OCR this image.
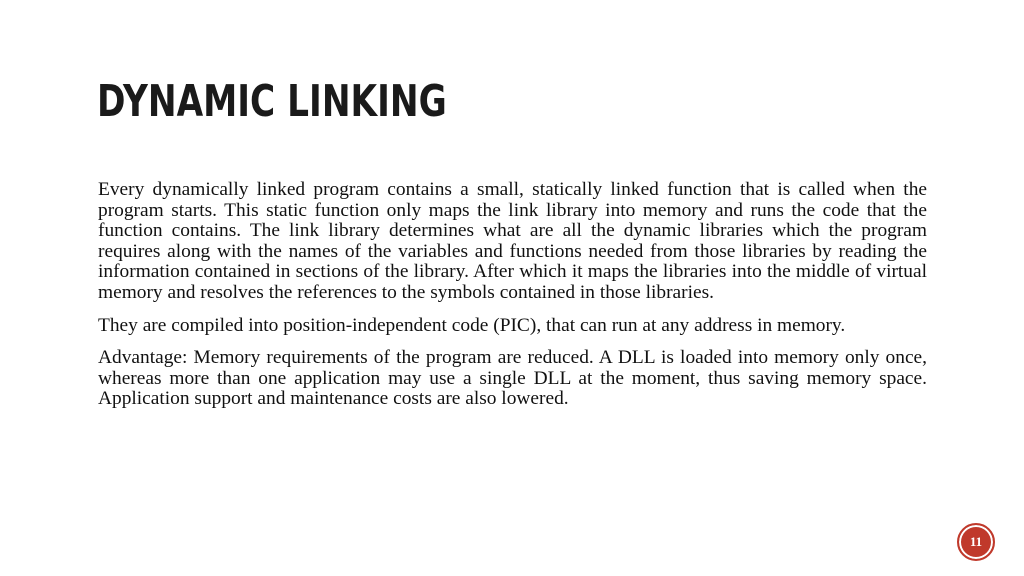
DYNAMIC LINKING

Every dynamically linked program contains a small, statically linked function that is called when the program starts. This static function only maps the link library into memory and runs the code that the function contains. The link library determines what are all the dynamic libraries which the program requires along with the names of the variables and functions needed from those libraries by reading the information contained in sections of the library. After which it maps the libraries into the middle of virtual memory and resolves the references to the symbols contained in those libraries.

They are compiled into position-independent code (PIC), that can run at any address in memory.

Advantage: Memory requirements of the program are reduced. A DLL is loaded into memory only once, whereas more than one application may use a single DLL at the moment, thus saving memory space. Application support and maintenance costs are also lowered.

11
